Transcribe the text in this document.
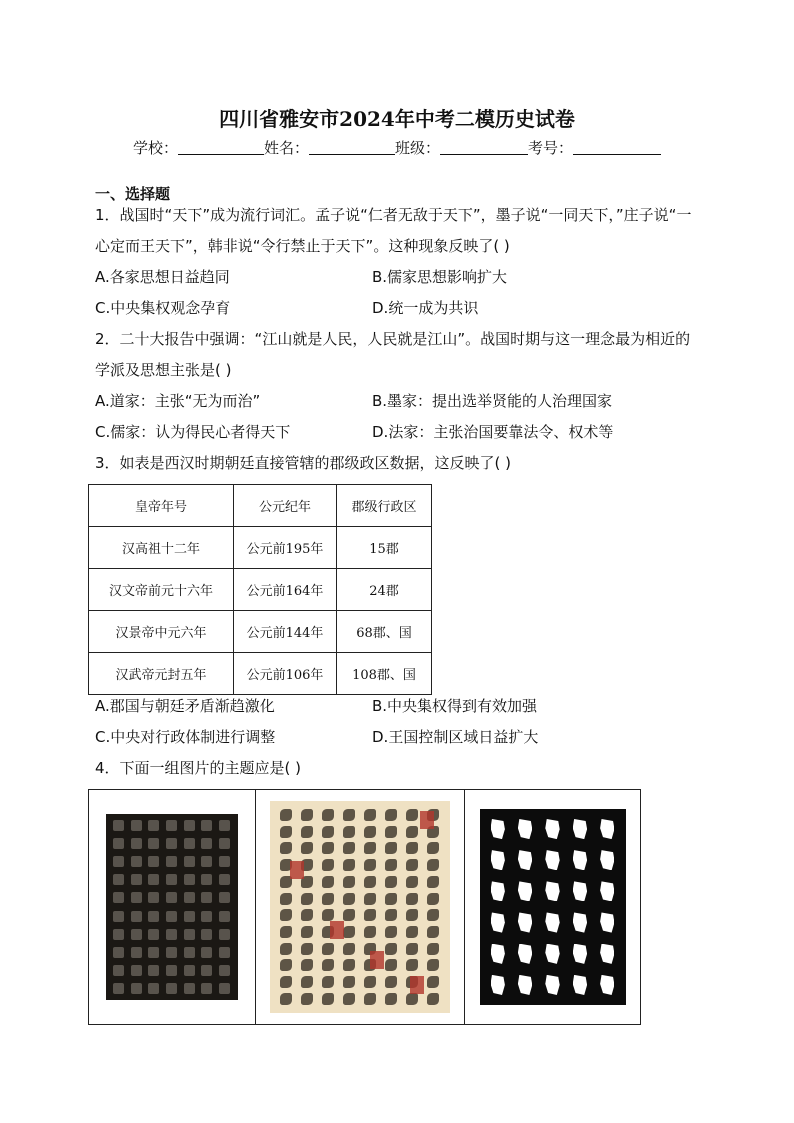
四川省雅安市2024年中考二模历史试卷
学校：	姓名：	班级：	考号：
一、选择题
1．战国时“天下”成为流行词汇。孟子说“仁者无敌于天下”，墨子说“一同天下，”庄子说“一心定而王天下”，韩非说“令行禁止于天下”。这种现象反映了( )
A.各家思想日益趋同	B.儒家思想影响扩大
C.中央集权观念孕育	D.统一成为共识
2．二十大报告中强调：“江山就是人民，人民就是江山”。战国时期与这一理念最为相近的学派及思想主张是( )
A.道家：主张“无为而治”	B.墨家：提出选举贤能的人治理国家
C.儒家：认为得民心者得天下	D.法家：主张治国要靠法令、权术等
3．如表是西汉时期朝廷直接管辖的郡级政区数据，这反映了( )
皇帝年号	公元纪年	郡级行政区
汉高祖十二年	公元前195年	15郡
汉文帝前元十六年	公元前164年	24郡
汉景帝中元六年	公元前144年	68郡、国
汉武帝元封五年	公元前106年	108郡、国
A.郡国与朝廷矛盾渐趋激化	B.中央集权得到有效加强
C.中央对行政体制进行调整	D.王国控制区域日益扩大
4．下面一组图片的主题应是( )
